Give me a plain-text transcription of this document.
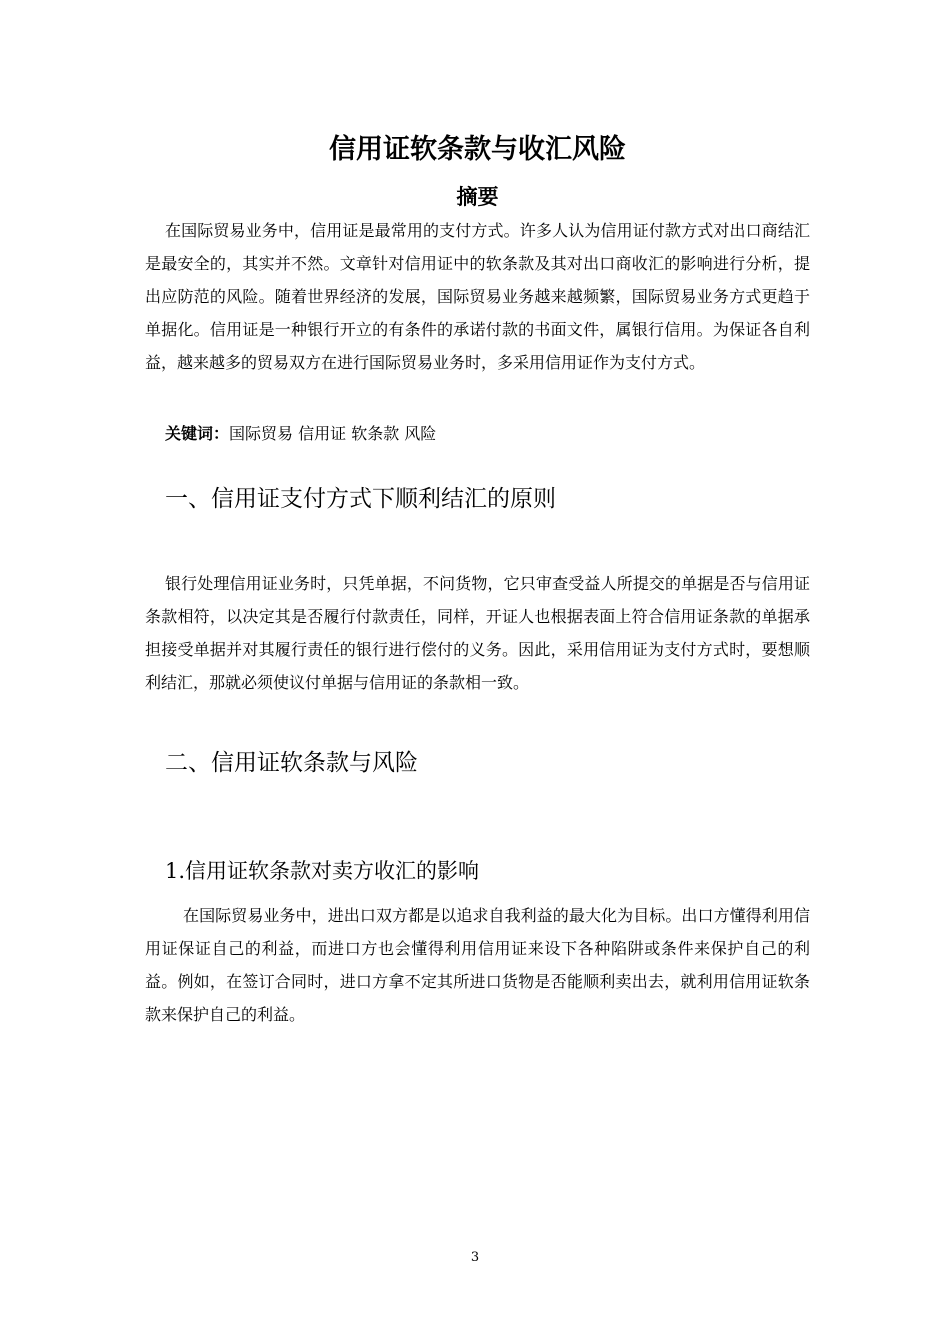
信用证软条款与收汇风险
摘要

在国际贸易业务中，信用证是最常用的支付方式。许多人认为信用证付款方式对出口商结汇是最安全的，其实并不然。文章针对信用证中的软条款及其对出口商收汇的影响进行分析，提出应防范的风险。随着世界经济的发展，国际贸易业务越来越频繁，国际贸易业务方式更趋于单据化。信用证是一种银行开立的有条件的承诺付款的书面文件，属银行信用。为保证各自利益，越来越多的贸易双方在进行国际贸易业务时，多采用信用证作为支付方式。

关键词：国际贸易 信用证 软条款 风险

一、信用证支付方式下顺利结汇的原则

银行处理信用证业务时，只凭单据，不问货物，它只审查受益人所提交的单据是否与信用证条款相符，以决定其是否履行付款责任，同样，开证人也根据表面上符合信用证条款的单据承担接受单据并对其履行责任的银行进行偿付的义务。因此，采用信用证为支付方式时，要想顺利结汇，那就必须使议付单据与信用证的条款相一致。

二、信用证软条款与风险
1.信用证软条款对卖方收汇的影响

在国际贸易业务中，进出口双方都是以追求自我利益的最大化为目标。出口方懂得利用信用证保证自己的利益，而进口方也会懂得利用信用证来设下各种陷阱或条件来保护自己的利益。例如，在签订合同时，进口方拿不定其所进口货物是否能顺利卖出去，就利用信用证软条款来保护自己的利益。

3
